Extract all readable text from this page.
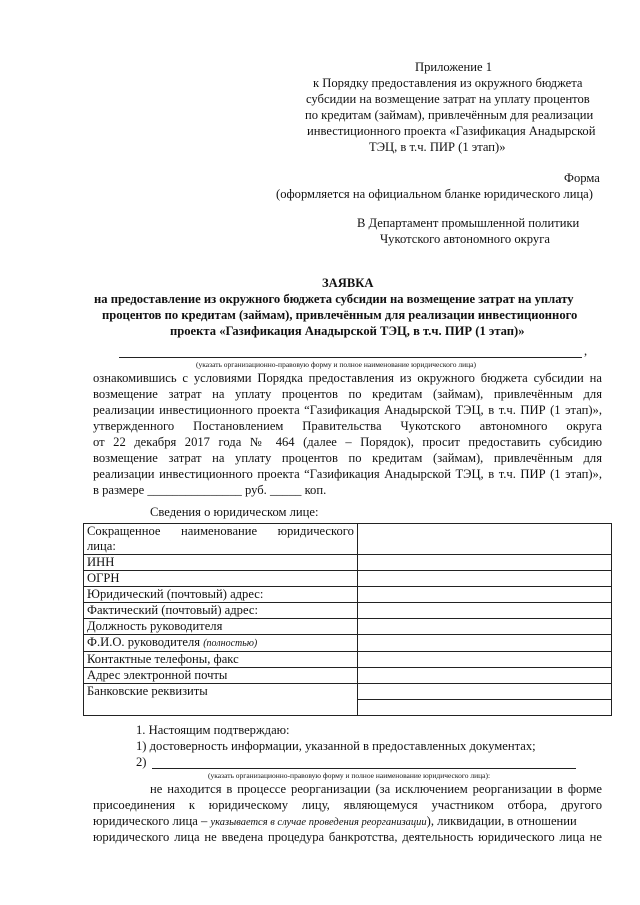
Приложение 1
к Порядку предоставления из окружного бюджета
субсидии на возмещение затрат на уплату процентов
по кредитам (займам), привлечённым для реализации
инвестиционного проекта «Газификация Анадырской
ТЭЦ, в т.ч. ПИР (1 этап)»
Форма
(оформляется на официальном бланке юридического лица)
В Департамент промышленной политики
Чукотского автономного округа
ЗАЯВКА
на предоставление из окружного бюджета субсидии на возмещение затрат на уплату
процентов по кредитам (займам), привлечённым для реализации инвестиционного
проекта «Газификация Анадырской ТЭЦ, в т.ч. ПИР (1 этап)»
,
(указать организационно-правовую форму и полное наименование юридического лица)
ознакомившись с условиями Порядка предоставления из окружного бюджета субсидии на
возмещение затрат на уплату процентов по кредитам (займам), привлечённым для
реализации инвестиционного проекта “Газификация Анадырской ТЭЦ, в т.ч. ПИР (1 этап)»,
утвержденного Постановлением Правительства Чукотского автономного округа
от 22 декабря 2017 года № 464 (далее – Порядок), просит предоставить субсидию
возмещение затрат на уплату процентов по кредитам (займам), привлечённым для
реализации инвестиционного проекта “Газификация Анадырской ТЭЦ, в т.ч. ПИР (1 этап)»,
в размере _______________ руб. _____ коп.
Сведения о юридическом лице:
Сокращенное наименование юридического
лица:	
ИНН	
ОГРН	
Юридический (почтовый) адрес:	
Фактический (почтовый) адрес:	
Должность руководителя	
Ф.И.О. руководителя (полностью)	
Контактные телефоны, факс	
Адрес электронной почты	
Банковские реквизиты	
1. Настоящим подтверждаю:
1) достоверность информации, указанной в предоставленных документах;
2)
(указать организационно-правовую форму и полное наименование юридического лица):
не находится в процессе реорганизации (за исключением реорганизации в форме
присоединения к юридическому лицу, являющемуся участником отбора, другого
юридического лица – указывается в случае проведения реорганизации), ликвидации, в отношении
юридического лица не введена процедура банкротства, деятельность юридического лица не
